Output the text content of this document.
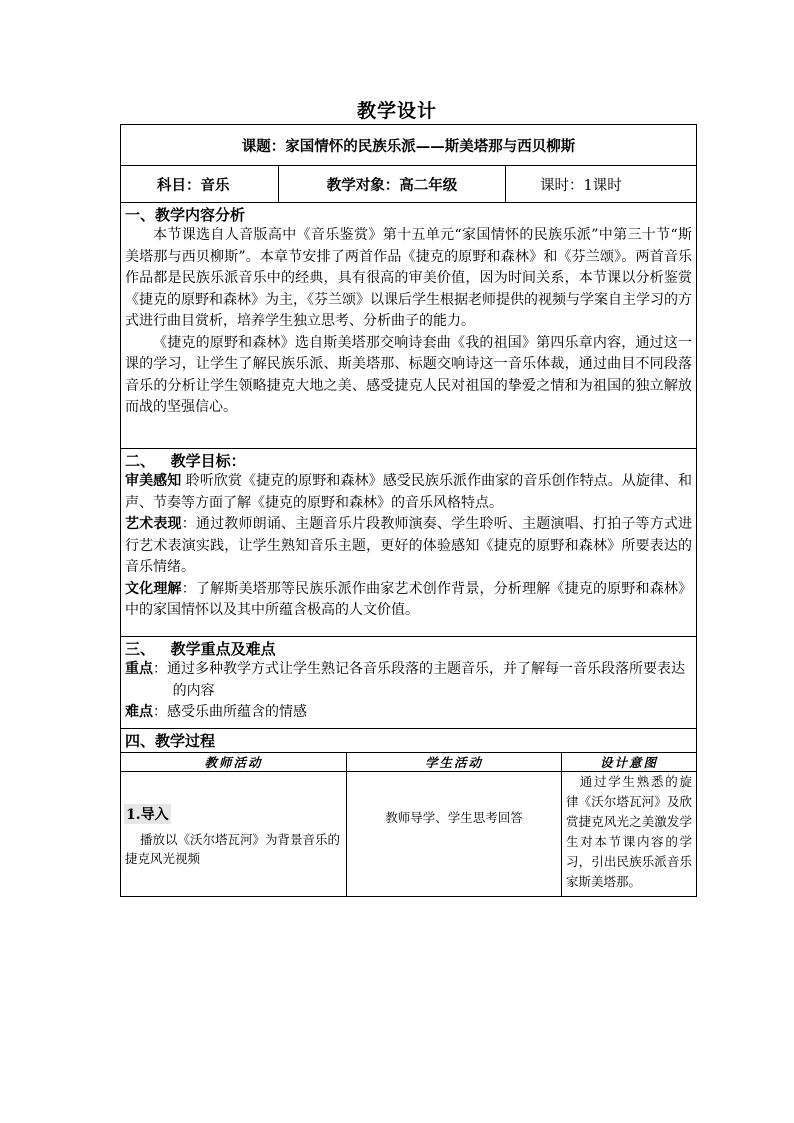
教学设计
课题：家国情怀的民族乐派——斯美塔那与西贝柳斯				
科目：音乐	教学对象：高二年级		课时：1课时	

一、教学内容分析

本节课选自人音版高中《音乐鉴赏》第十五单元“家国情怀的民族乐派”中第三十节“斯美塔那与西贝柳斯”。本章节安排了两首作品《捷克的原野和森林》和《芬兰颂》。两首音乐作品都是民族乐派音乐中的经典，具有很高的审美价值，因为时间关系，本节课以分析鉴赏《捷克的原野和森林》为主，《芬兰颂》以课后学生根据老师提供的视频与学案自主学习的方式进行曲目赏析，培养学生独立思考、分析曲子的能力。

《捷克的原野和森林》选自斯美塔那交响诗套曲《我的祖国》第四乐章内容，通过这一课的学习，让学生了解民族乐派、斯美塔那、标题交响诗这一音乐体裁，通过曲目不同段落音乐的分析让学生领略捷克大地之美、感受捷克人民对祖国的挚爱之情和为祖国的独立解放而战的坚强信心。				

二、   教学目标：

审美感知 聆听欣赏《捷克的原野和森林》感受民族乐派作曲家的音乐创作特点。从旋律、和声、节奏等方面了解《捷克的原野和森林》的音乐风格特点。

艺术表现：通过教师朗诵、主题音乐片段教师演奏、学生聆听、主题演唱、打拍子等方式进行艺术表演实践，让学生熟知音乐主题，更好的体验感知《捷克的原野和森林》所要表达的音乐情绪。

文化理解：了解斯美塔那等民族乐派作曲家艺术创作背景，分析理解《捷克的原野和森林》中的家国情怀以及其中所蕴含极高的人文价值。				

三、   教学重点及难点

重点：通过多种教学方式让学生熟记各音乐段落的主题音乐，并了解每一音乐段落所要表达的内容

难点：感受乐曲所蕴含的情感				

四、教学过程				
教师活动		学生活动		设计意图
1.导入

播放以《沃尔塔瓦河》为背景音乐的捷克风光视频		教师导学、学生思考回答		通过学生熟悉的旋律《沃尔塔瓦河》及欣赏捷克风光之美激发学生对本节课内容的学习，引出民族乐派音乐家斯美塔那。
